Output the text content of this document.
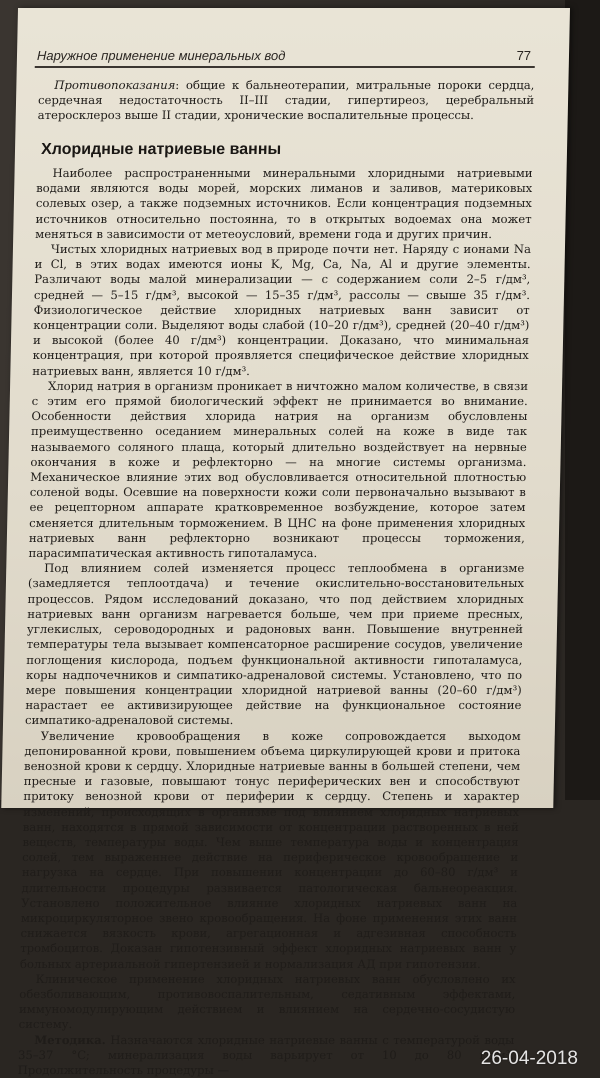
Наружное применение минеральных вод	77

Противопоказания: общие к бальнеотерапии, митральные пороки сердца, сердечная недостаточность II–III стадии, гипертиреоз, церебральный атеросклероз выше II стадии, хронические воспалительные процессы.

Хлоридные натриевые ванны

Наиболее распространенными минеральными хлоридными натриевыми водами являются воды морей, морских лиманов и заливов, материковых солевых озер, а также подземных источников. Если концентрация подземных источников относительно постоянна, то в открытых водоемах она может меняться в зависимости от метеоусловий, времени года и других причин.

Чистых хлоридных натриевых вод в природе почти нет. Наряду с ионами Na и Cl, в этих водах имеются ионы K, Mg, Ca, Na, Al и другие элементы. Различают воды малой минерализации — с содержанием соли 2–5 г/дм³, средней — 5–15 г/дм³, высокой — 15–35 г/дм³, рассолы — свыше 35 г/дм³. Физиологическое действие хлоридных натриевых ванн зависит от концентрации соли. Выделяют воды слабой (10–20 г/дм³), средней (20–40 г/дм³) и высокой (более 40 г/дм³) концентрации. Доказано, что минимальная концентрация, при которой проявляется специфическое действие хлоридных натриевых ванн, является 10 г/дм³.

Хлорид натрия в организм проникает в ничтожно малом количестве, в связи с этим его прямой биологический эффект не принимается во внимание. Особенности действия хлорида натрия на организм обусловлены преимущественно оседанием минеральных солей на коже в виде так называемого соляного плаща, который длительно воздействует на нервные окончания в коже и рефлекторно — на многие системы организма. Механическое влияние этих вод обусловливается относительной плотностью соленой воды. Осевшие на поверхности кожи соли первоначально вызывают в ее рецепторном аппарате кратковременное возбуждение, которое затем сменяется длительным торможением. В ЦНС на фоне применения хлоридных натриевых ванн рефлекторно возникают процессы торможения, парасимпатическая активность гипоталамуса.

Под влиянием солей изменяется процесс теплообмена в организме (замедляется теплоотдача) и течение окислительно-восстановительных процессов. Рядом исследований доказано, что под действием хлоридных натриевых ванн организм нагревается больше, чем при приеме пресных, углекислых, сероводородных и радоновых ванн. Повышение внутренней температуры тела вызывает компенсаторное расширение сосудов, увеличение поглощения кислорода, подъем функциональной активности гипоталамуса, коры надпочечников и симпатико-адреналовой системы. Установлено, что по мере повышения концентрации хлоридной натриевой ванны (20–60 г/дм³) нарастает ее активизирующее действие на функциональное состояние симпатико-адреналовой системы.

Увеличение кровообращения в коже сопровождается выходом депонированной крови, повышением объема циркулирующей крови и притока венозной крови к сердцу. Хлоридные натриевые ванны в большей степени, чем пресные и газовые, повышают тонус периферических вен и способствуют притоку венозной крови от периферии к сердцу. Степень и характер изменений, происходящих в организме под влиянием хлоридных натриевых ванн, находятся в прямой зависимости от концентрации растворенных в ней веществ, температуры воды. Чем выше температура воды и концентрация солей, тем выраженнее действие на периферическое кровообращение и нагрузка на сердце. При повышении концентрации до 60–80 г/дм³ и длительности процедуры развивается патологическая бальнеореакция. Установлено положительное влияние хлоридных натриевых ванн на микроциркуляторное звено кровообращения. На фоне применения этих ванн снижается вязкость крови, агрегационная и адгезивная способность тромбоцитов. Доказан гипотензивный эффект хлоридных натриевых ванн у больных артериальной гипертензией и нормализация АД при гипотензии.

Клиническое применение хлоридных натриевых ванн обусловлено их обезболивающим, противовоспалительным, седативным эффектами, иммуномодулирующим действием и влиянием на сердечно-сосудистую систему.

Методика. Назначаются хлоридные натриевые ванны с температурой воды 35–37 °С; минерализация воды варьирует от 10 до 80 г/дм³. Продолжительность процедуры —

26-04-2018
